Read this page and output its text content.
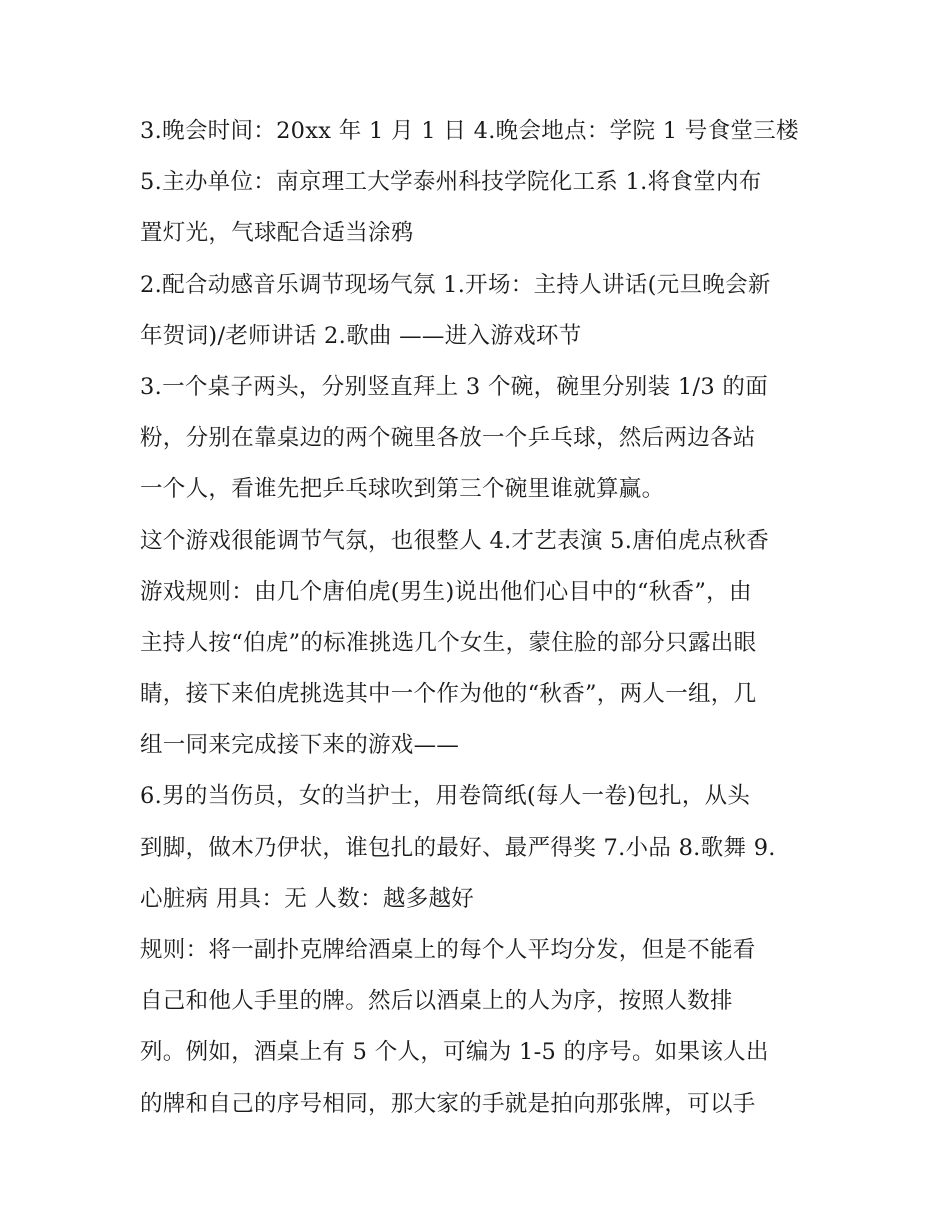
3.晚会时间：20xx 年 1 月 1 日 4.晚会地点：学院 1 号食堂三楼
5.主办单位：南京理工大学泰州科技学院化工系 1.将食堂内布
置灯光，气球配合适当涂鸦
2.配合动感音乐调节现场气氛 1.开场：主持人讲话(元旦晚会新
年贺词)/老师讲话 2.歌曲 ——进入游戏环节
3.一个桌子两头，分别竖直拜上 3 个碗，碗里分别装 1/3 的面
粉，分别在靠桌边的两个碗里各放一个乒乓球，然后两边各站
一个人，看谁先把乒乓球吹到第三个碗里谁就算赢。
这个游戏很能调节气氛，也很整人 4.才艺表演 5.唐伯虎点秋香
游戏规则：由几个唐伯虎(男生)说出他们心目中的“秋香”，由
主持人按“伯虎”的标准挑选几个女生，蒙住脸的部分只露出眼
睛，接下来伯虎挑选其中一个作为他的“秋香”，两人一组，几
组一同来完成接下来的游戏——
6.男的当伤员，女的当护士，用卷筒纸(每人一卷)包扎，从头
到脚，做木乃伊状，谁包扎的最好、最严得奖 7.小品 8.歌舞 9.
心脏病 用具：无 人数：越多越好
规则：将一副扑克牌给酒桌上的每个人平均分发，但是不能看
自己和他人手里的牌。然后以酒桌上的人为序，按照人数排
列。例如，酒桌上有 5 个人，可编为 1-5 的序号。如果该人出
的牌和自己的序号相同，那大家的手就是拍向那张牌，可以手
